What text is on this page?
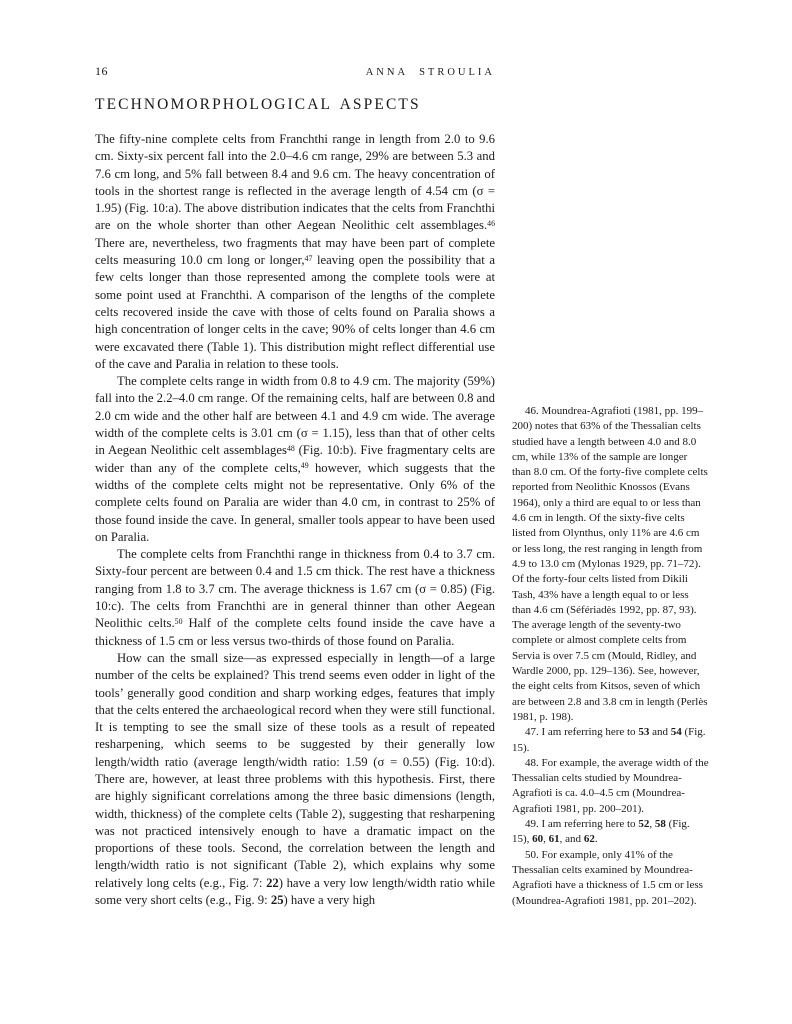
16	ANNA STROULIA
TECHNOMORPHOLOGICAL ASPECTS

The fifty-nine complete celts from Franchthi range in length from 2.0 to 9.6 cm. Sixty-six percent fall into the 2.0–4.6 cm range, 29% are between 5.3 and 7.6 cm long, and 5% fall between 8.4 and 9.6 cm. The heavy concentration of tools in the shortest range is reflected in the average length of 4.54 cm (σ = 1.95) (Fig. 10:a). The above distribution indicates that the celts from Franchthi are on the whole shorter than other Aegean Neolithic celt assemblages.$^{46}$ There are, nevertheless, two fragments that may have been part of complete celts measuring 10.0 cm long or longer,$^{47}$ leaving open the possibility that a few celts longer than those represented among the complete tools were at some point used at Franchthi. A comparison of the lengths of the complete celts recovered inside the cave with those of celts found on Paralia shows a high concentration of longer celts in the cave; 90% of celts longer than 4.6 cm were excavated there (Table 1). This distribution might reflect differential use of the cave and Paralia in relation to these tools.

The complete celts range in width from 0.8 to 4.9 cm. The majority (59%) fall into the 2.2–4.0 cm range. Of the remaining celts, half are between 0.8 and 2.0 cm wide and the other half are between 4.1 and 4.9 cm wide. The average width of the complete celts is 3.01 cm (σ = 1.15), less than that of other celts in Aegean Neolithic celt assemblages$^{48}$ (Fig. 10:b). Five fragmentary celts are wider than any of the complete celts,$^{49}$ however, which suggests that the widths of the complete celts might not be representative. Only 6% of the complete celts found on Paralia are wider than 4.0 cm, in contrast to 25% of those found inside the cave. In general, smaller tools appear to have been used on Paralia.

The complete celts from Franchthi range in thickness from 0.4 to 3.7 cm. Sixty-four percent are between 0.4 and 1.5 cm thick. The rest have a thickness ranging from 1.8 to 3.7 cm. The average thickness is 1.67 cm (σ = 0.85) (Fig. 10:c). The celts from Franchthi are in general thinner than other Aegean Neolithic celts.$^{50}$ Half of the complete celts found inside the cave have a thickness of 1.5 cm or less versus two-thirds of those found on Paralia.

How can the small size—as expressed especially in length—of a large number of the celts be explained? This trend seems even odder in light of the tools’ generally good condition and sharp working edges, features that imply that the celts entered the archaeological record when they were still functional. It is tempting to see the small size of these tools as a result of repeated resharpening, which seems to be suggested by their generally low length/width ratio (average length/width ratio: 1.59 (σ = 0.55) (Fig. 10:d). There are, however, at least three problems with this hypothesis. First, there are highly significant correlations among the three basic dimensions (length, width, thickness) of the complete celts (Table 2), suggesting that resharpening was not practiced intensively enough to have a dramatic impact on the proportions of these tools. Second, the correlation between the length and length/width ratio is not significant (Table 2), which explains why some relatively long celts (e.g., Fig. 7: 22) have a very low length/width ratio while some very short celts (e.g., Fig. 9: 25) have a very high

46. Moundrea-Agrafioti (1981, pp. 199–200) notes that 63% of the Thessalian celts studied have a length between 4.0 and 8.0 cm, while 13% of the sample are longer than 8.0 cm. Of the forty-five complete celts reported from Neolithic Knossos (Evans 1964), only a third are equal to or less than 4.6 cm in length. Of the sixty-five celts listed from Olynthus, only 11% are 4.6 cm or less long, the rest ranging in length from 4.9 to 13.0 cm (Mylonas 1929, pp. 71–72). Of the forty-four celts listed from Dikili Tash, 43% have a length equal to or less than 4.6 cm (Séfériadès 1992, pp. 87, 93). The average length of the seventy-two complete or almost complete celts from Servia is over 7.5 cm (Mould, Ridley, and Wardle 2000, pp. 129–136). See, however, the eight celts from Kitsos, seven of which are between 2.8 and 3.8 cm in length (Perlès 1981, p. 198).

47. I am referring here to 53 and 54 (Fig. 15).

48. For example, the average width of the Thessalian celts studied by Moundrea-Agrafioti is ca. 4.0–4.5 cm (Moundrea-Agrafioti 1981, pp. 200–201).

49. I am referring here to 52, 58 (Fig. 15), 60, 61, and 62.

50. For example, only 41% of the Thessalian celts examined by Moundrea-Agrafioti have a thickness of 1.5 cm or less (Moundrea-Agrafioti 1981, pp. 201–202).
